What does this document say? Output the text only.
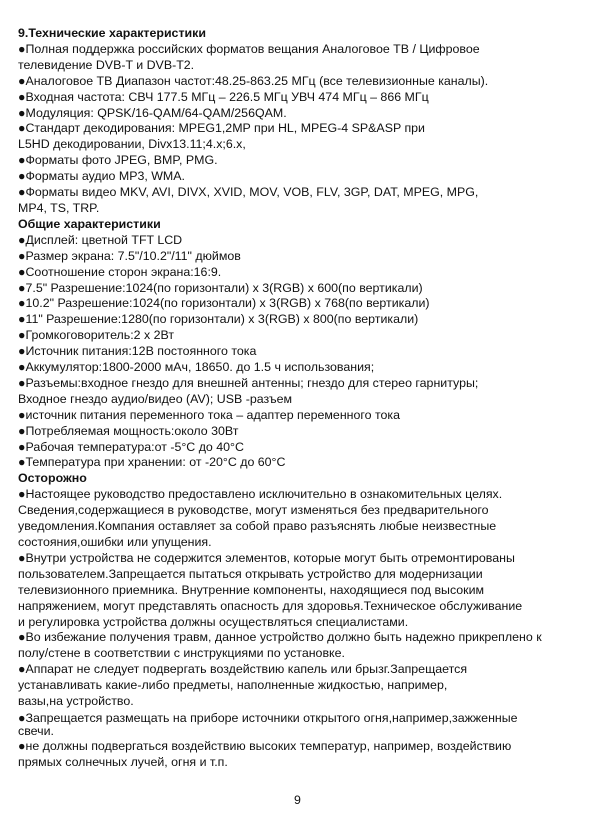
9.Технические характеристики
●Полная поддержка российских форматов вещания Аналоговое ТВ / Цифровое
телевидение DVB-T и DVB-T2.
●Аналоговое ТВ Диапазон частот:48.25-863.25 МГц (все телевизионные каналы).
●Входная частота: СВЧ 177.5 МГц – 226.5 МГц УВЧ 474 МГц – 866 МГц
●Модуляция: QPSK/16-QAM/64-QAM/256QAM.
●Стандарт декодирования: MPEG1,2MP при HL, MPEG-4 SP&ASP при
L5HD декодировании, Divx13.11;4.x;6.x,
●Форматы фото JPEG, BMP, PMG.
●Форматы аудио MP3, WMA.
●Форматы видео MKV, AVI, DIVX, XVID, MOV, VOB, FLV, 3GP, DAT, MPEG, MPG,
MP4, TS, TRP.
Общие характеристики
●Дисплей: цветной TFT LCD
●Размер экрана: 7.5"/10.2"/11" дюймов
●Соотношение сторон экрана:16:9.
●7.5" Разрешение:1024(по горизонтали) x 3(RGB) x 600(по вертикали)
●10.2" Разрешение:1024(по горизонтали) x 3(RGB) x 768(по вертикали)
●11" Разрешение:1280(по горизонтали) x 3(RGB) x 800(по вертикали)
●Громкоговоритель:2 x 2Вт
●Источник питания:12В постоянного тока
●Аккумулятор:1800-2000 мАч, 18650. до 1.5 ч использования;
●Разъемы:входное гнездо для внешней антенны; гнездо для стерео гарнитуры;
Входное гнездо аудио/видео (AV); USB -разъем
●источник питания переменного тока – адаптер переменного тока
●Потребляемая мощность:около 30Вт
●Рабочая температура:от -5°C до 40°C
●Температура при хранении: от -20°C до 60°C
Осторожно
●Настоящее руководство предоставлено исключительно в ознакомительных целях.
Сведения,содержащиеся в руководстве, могут изменяться без предварительного
уведомления.Компания оставляет за собой право разъяснять любые неизвестные
состояния,ошибки или упущения.
●Внутри устройства не содержится элементов, которые могут быть отремонтированы
пользователем.Запрещается пытаться открывать устройство для модернизации
телевизионного приемника. Внутренние компоненты, находящиеся под высоким
напряжением, могут представлять опасность для здоровья.Техническое обслуживание
и регулировка устройства должны осуществляться специалистами.
●Во избежание получения травм, данное устройство должно быть надежно прикреплено к
полу/стене в соответствии с инструкциями по установке.
●Аппарат не следует подвергать воздействию капель или брызг.Запрещается
устанавливать какие-либо предметы, наполненные жидкостью, например,
вазы,на устройство.
●Запрещается размещать на приборе источники открытого огня,например,зажженные
свечи.
●не должны подвергаться воздействию высоких температур, например, воздействию
прямых солнечных лучей, огня и т.п.
9
